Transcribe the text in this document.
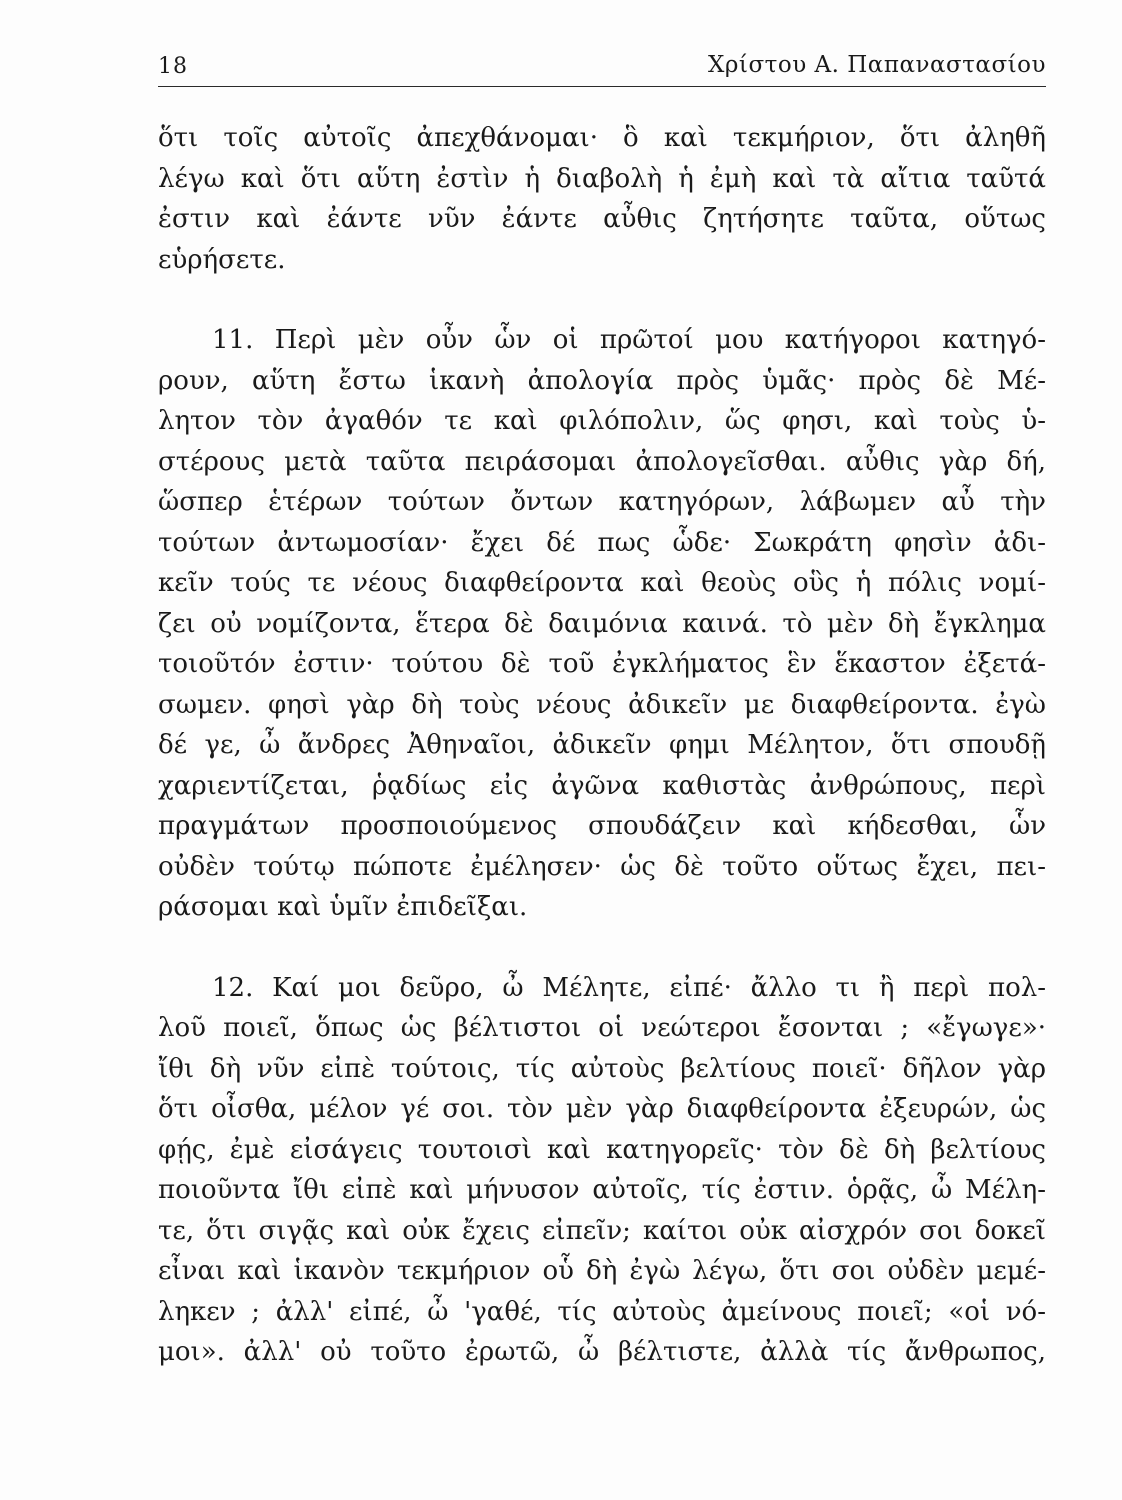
18	Χρίστου Α. Παπαναστασίου

ὅτι τοῖς αὐτοῖς ἀπεχθάνομαι· ὃ καὶ τεκμήριον, ὅτι ἀληθῆ
λέγω καὶ ὅτι αὕτη ἐστὶν ἡ διαβολὴ ἡ ἐμὴ καὶ τὰ αἴτια ταῦτά
ἐστιν καὶ ἐάντε νῦν ἐάντε αὖθις ζητήσητε ταῦτα, οὕτως
εὑρήσετε.

11. Περὶ μὲν οὖν ὧν οἱ πρῶτοί μου κατήγοροι κατηγό-
ρουν, αὕτη ἔστω ἱκανὴ ἀπολογία πρὸς ὑμᾶς· πρὸς δὲ Μέ-
λητον τὸν ἀγαθόν τε καὶ φιλόπολιν, ὥς φησι, καὶ τοὺς ὑ-
στέρους μετὰ ταῦτα πειράσομαι ἀπολογεῖσθαι. αὖθις γὰρ δή,
ὥσπερ ἑτέρων τούτων ὄντων κατηγόρων, λάβωμεν αὖ τὴν
τούτων ἀντωμοσίαν· ἔχει δέ πως ὧδε· Σωκράτη φησὶν ἀδι-
κεῖν τούς τε νέους διαφθείροντα καὶ θεοὺς οὓς ἡ πόλις νομί-
ζει οὐ νομίζοντα, ἕτερα δὲ δαιμόνια καινά. τὸ μὲν δὴ ἔγκλημα
τοιοῦτόν ἐστιν· τούτου δὲ τοῦ ἐγκλήματος ἓν ἕκαστον ἐξετά-
σωμεν. φησὶ γὰρ δὴ τοὺς νέους ἀδικεῖν με διαφθείροντα. ἐγὼ
δέ γε, ὦ ἄνδρες Ἀθηναῖοι, ἀδικεῖν φημι Μέλητον, ὅτι σπουδῇ
χαριεντίζεται, ῥᾳδίως εἰς ἀγῶνα καθιστὰς ἀνθρώπους, περὶ
πραγμάτων προσποιούμενος σπουδάζειν καὶ κήδεσθαι, ὧν
οὐδὲν τούτῳ πώποτε ἐμέλησεν· ὡς δὲ τοῦτο οὕτως ἔχει, πει-
ράσομαι καὶ ὑμῖν ἐπιδεῖξαι.

12. Καί μοι δεῦρο, ὦ Μέλητε, εἰπέ· ἄλλο τι ἢ περὶ πολ-
λοῦ ποιεῖ, ὅπως ὡς βέλτιστοι οἱ νεώτεροι ἔσονται ; «ἔγωγε»·
ἴθι δὴ νῦν εἰπὲ τούτοις, τίς αὐτοὺς βελτίους ποιεῖ· δῆλον γὰρ
ὅτι οἶσθα, μέλον γέ σοι. τὸν μὲν γὰρ διαφθείροντα ἐξευρών, ὡς
φῄς, ἐμὲ εἰσάγεις τουτοισὶ καὶ κατηγορεῖς· τὸν δὲ δὴ βελτίους
ποιοῦντα ἴθι εἰπὲ καὶ μήνυσον αὐτοῖς, τίς ἐστιν. ὁρᾷς, ὦ Μέλη-
τε, ὅτι σιγᾷς καὶ οὐκ ἔχεις εἰπεῖν; καίτοι οὐκ αἰσχρόν σοι δοκεῖ
εἶναι καὶ ἱκανὸν τεκμήριον οὗ δὴ ἐγὼ λέγω, ὅτι σοι οὐδὲν μεμέ-
ληκεν ; ἀλλ' εἰπέ, ὦ 'γαθέ, τίς αὐτοὺς ἀμείνους ποιεῖ; «οἱ νό-
μοι». ἀλλ' οὐ τοῦτο ἐρωτῶ, ὦ βέλτιστε, ἀλλὰ τίς ἄνθρωπος,
